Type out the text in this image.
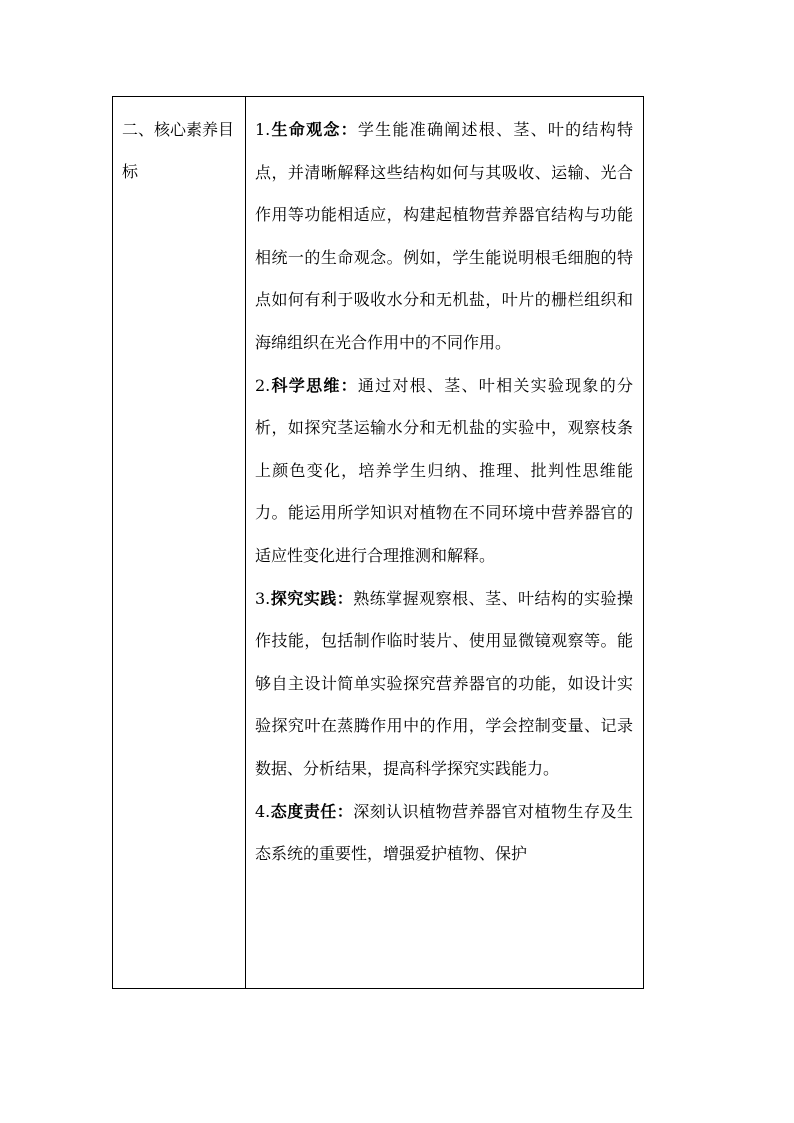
二、核心素养目标

1.生命观念：学生能准确阐述根、茎、叶的结构特点，并清晰解释这些结构如何与其吸收、运输、光合作用等功能相适应，构建起植物营养器官结构与功能相统一的生命观念。例如，学生能说明根毛细胞的特点如何有利于吸收水分和无机盐，叶片的栅栏组织和海绵组织在光合作用中的不同作用。

2.科学思维：通过对根、茎、叶相关实验现象的分析，如探究茎运输水分和无机盐的实验中，观察枝条上颜色变化，培养学生归纳、推理、批判性思维能力。能运用所学知识对植物在不同环境中营养器官的适应性变化进行合理推测和解释。

3.探究实践：熟练掌握观察根、茎、叶结构的实验操作技能，包括制作临时装片、使用显微镜观察等。能够自主设计简单实验探究营养器官的功能，如设计实验探究叶在蒸腾作用中的作用，学会控制变量、记录数据、分析结果，提高科学探究实践能力。

4.态度责任：深刻认识植物营养器官对植物生存及生态系统的重要性，增强爱护植物、保护
